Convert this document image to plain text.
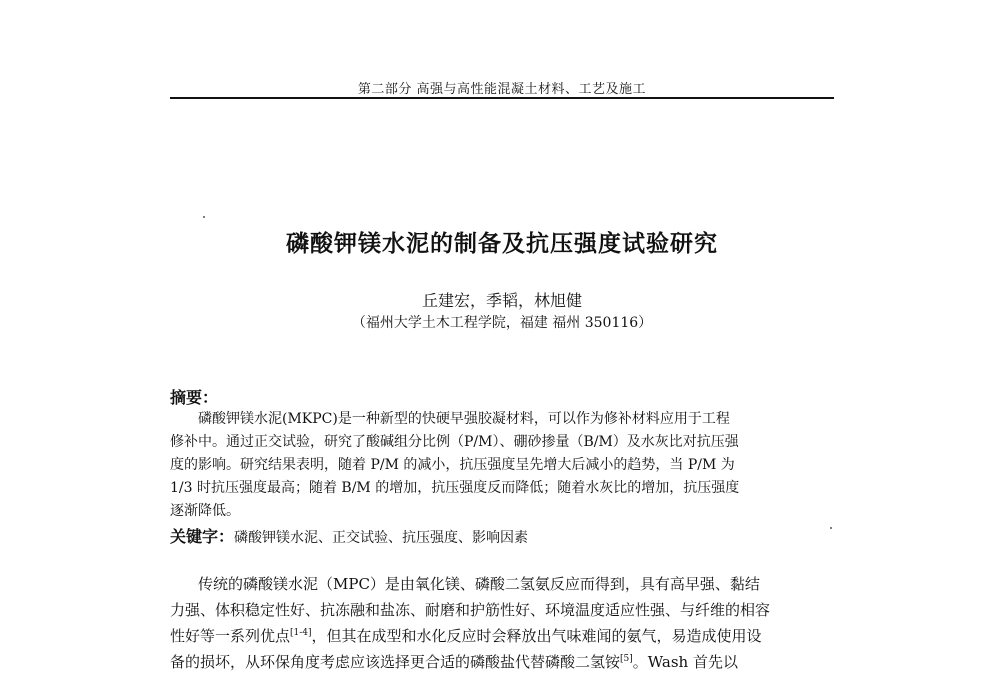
第二部分 高强与高性能混凝土材料、工艺及施工
磷酸钾镁水泥的制备及抗压强度试验研究
丘建宏，季韬，林旭健
（福州大学土木工程学院，福建 福州 350116）
摘要：
磷酸钾镁水泥(MKPC)是一种新型的快硬早强胶凝材料，可以作为修补材料应用于工程
修补中。通过正交试验，研究了酸碱组分比例（P/M）、硼砂掺量（B/M）及水灰比对抗压强
度的影响。研究结果表明，随着 P/M 的减小，抗压强度呈先增大后减小的趋势，当 P/M 为
1/3 时抗压强度最高；随着 B/M 的增加，抗压强度反而降低；随着水灰比的增加，抗压强度
逐渐降低。
关键字：磷酸钾镁水泥、正交试验、抗压强度、影响因素
传统的磷酸镁水泥（MPC）是由氧化镁、磷酸二氢氨反应而得到，具有高早强、黏结
力强、体积稳定性好、抗冻融和盐冻、耐磨和护筋性好、环境温度适应性强、与纤维的相容
性好等一系列优点[1-4]，但其在成型和水化反应时会释放出气味难闻的氨气，易造成使用设
备的损坏，从环保角度考虑应该选择更合适的磷酸盐代替磷酸二氢铵[5]。Wash 首先以
